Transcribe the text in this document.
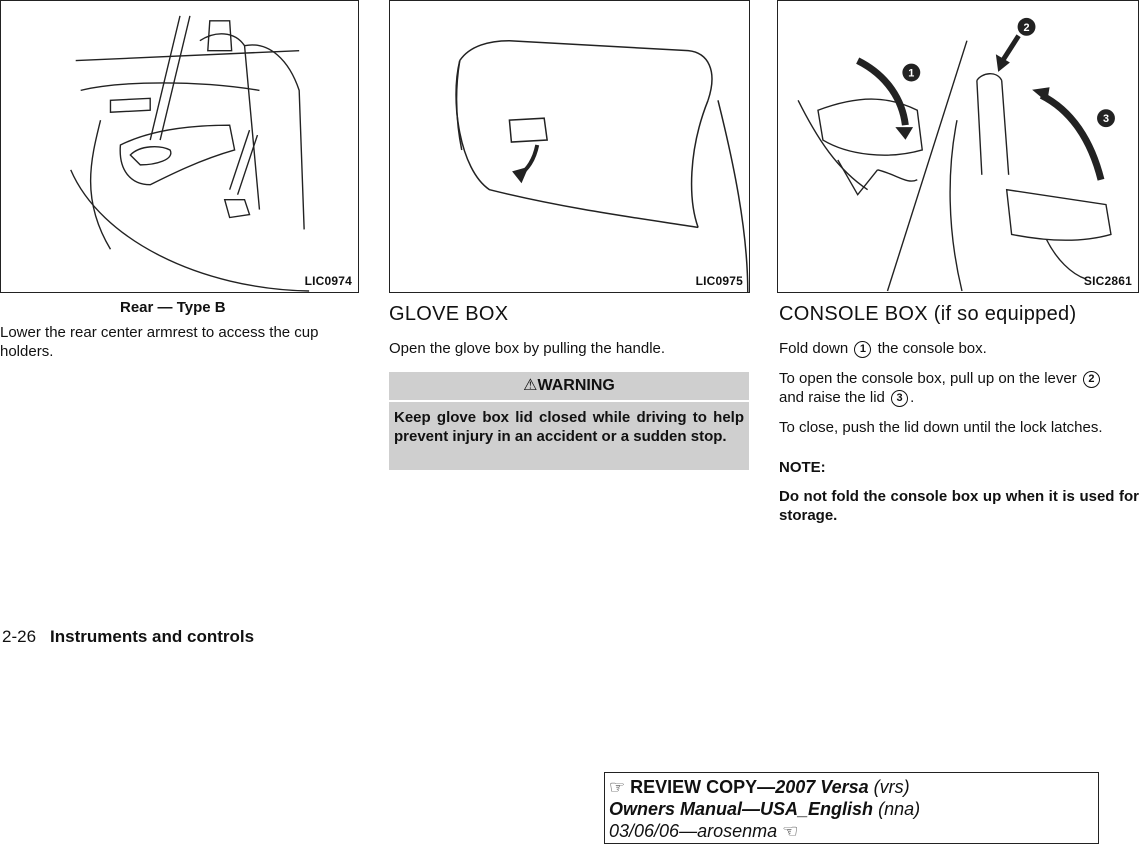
LIC0974	LIC0975
1
2
3
SIC2861
Rear — Type B
Lower the rear center armrest to access the cup
holders.
GLOVE BOX
Open the glove box by pulling the handle.
⚠WARNING
Keep glove box lid closed while driving to help prevent injury in an accident or a sudden stop.
CONSOLE BOX (if so equipped)
Fold down 1 the console box.
To open the console box, pull up on the lever 2
and raise the lid 3 .
To close, push the lid down until the lock latches.
NOTE:
Do not fold the console box up when it is used for storage.
2-26 Instruments and controls
☞ REVIEW COPY—2007 Versa (vrs)
Owners Manual—USA_English (nna)
03/06/06—arosenma ☜
